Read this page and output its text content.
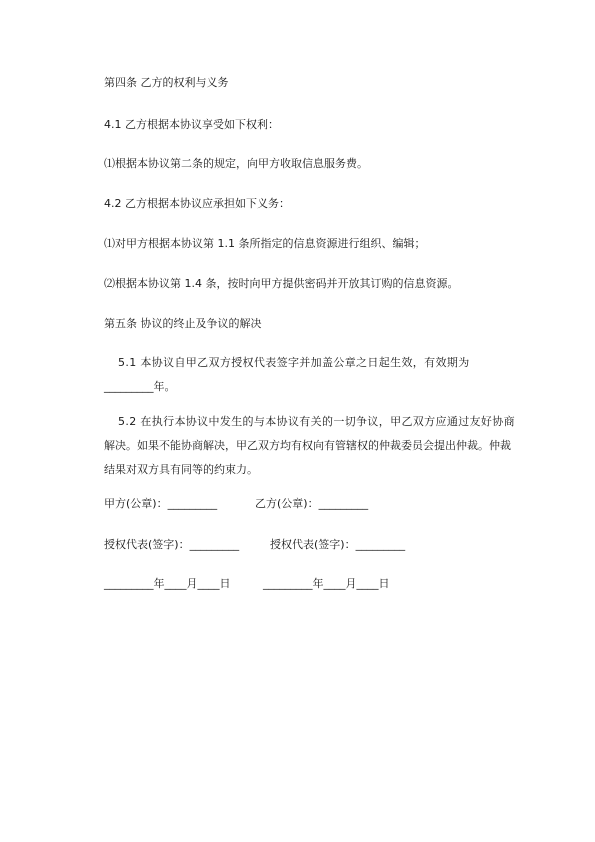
第四条 乙方的权利与义务
4.1 乙方根据本协议享受如下权利：
⑴根据本协议第二条的规定，向甲方收取信息服务费。
4.2 乙方根据本协议应承担如下义务：
⑴对甲方根据本协议第 1.1 条所指定的信息资源进行组织、编辑；
⑵根据本协议第 1.4 条，按时向甲方提供密码并开放其订购的信息资源。
第五条 协议的终止及争议的解决
5.1 本协议自甲乙双方授权代表签字并加盖公章之日起生效，有效期为
_________年。
5.2 在执行本协议中发生的与本协议有关的一切争议，甲乙双方应通过友好协商
解决。如果不能协商解决，甲乙双方均有权向有管辖权的仲裁委员会提出仲裁。仲裁
结果对双方具有同等的约束力。
甲方(公章)：_________	乙方(公章)：_________
授权代表(签字)：_________	授权代表(签字)：_________
_________年____月____日	_________年____月____日
